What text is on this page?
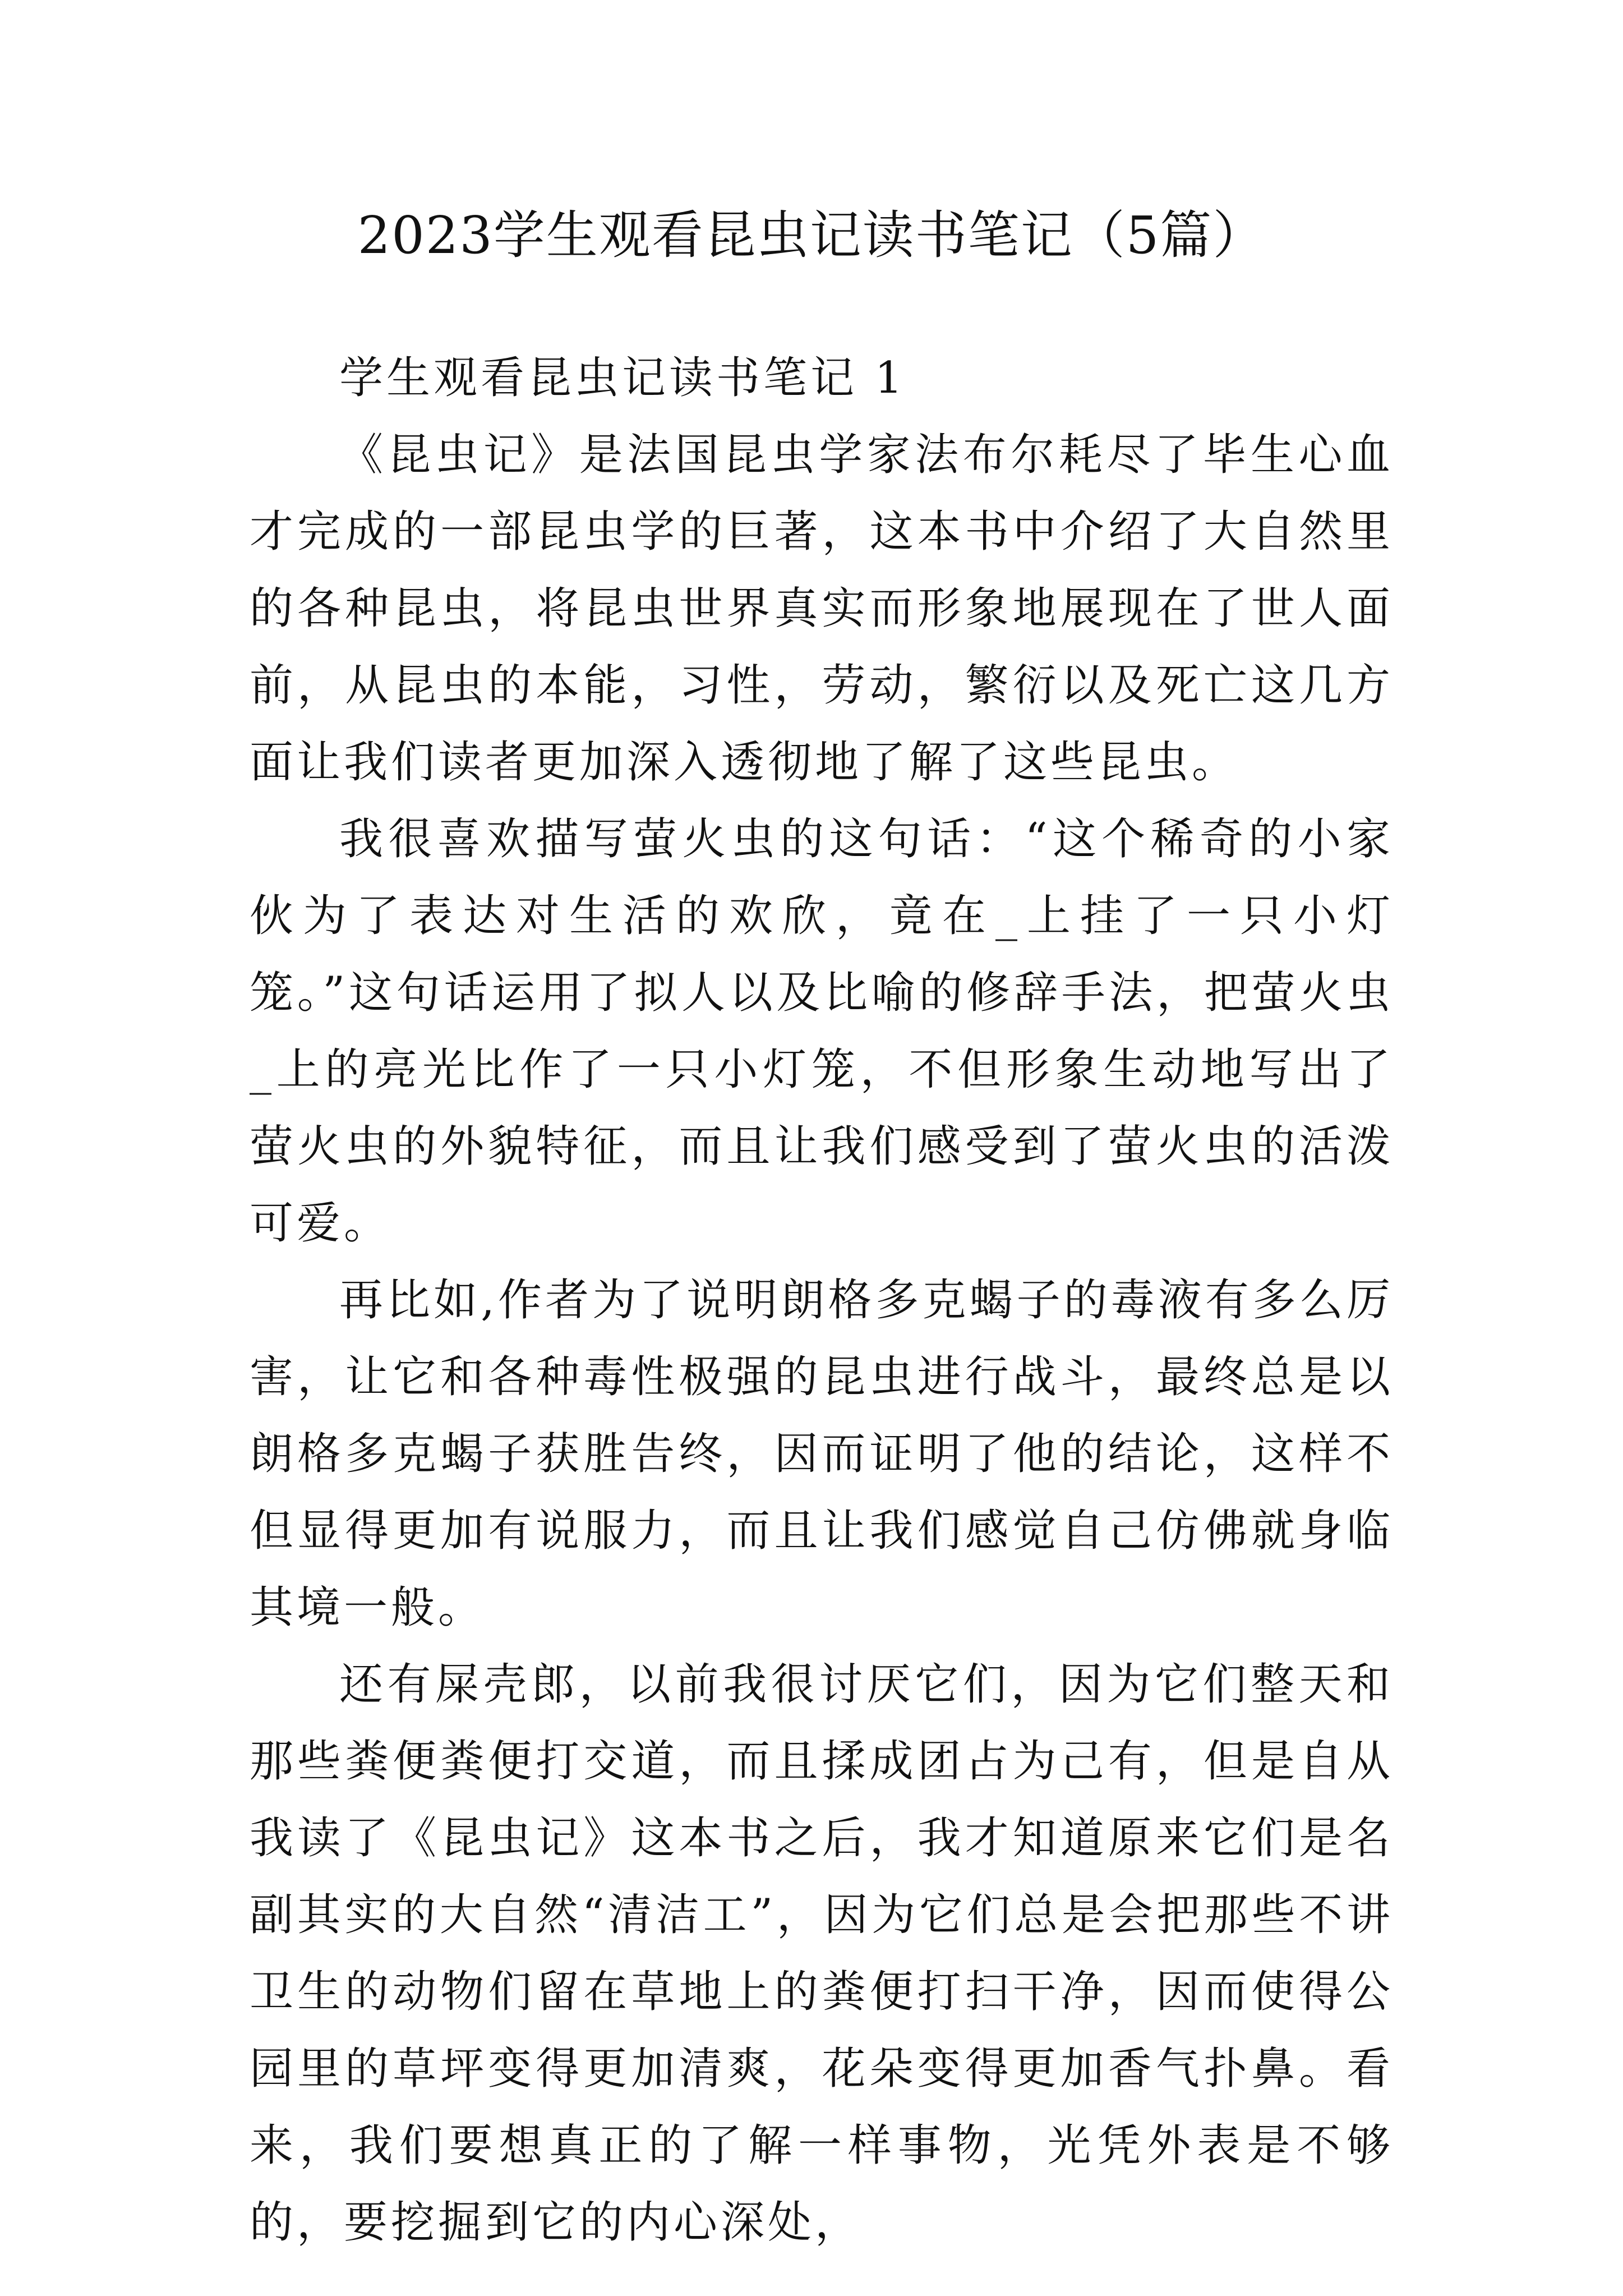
2023学生观看昆虫记读书笔记（5篇）

学生观看昆虫记读书笔记 1

《昆虫记》是法国昆虫学家法布尔耗尽了毕生心血才完成的一部昆虫学的巨著，这本书中介绍了大自然里的各种昆虫，将昆虫世界真实而形象地展现在了世人面前，从昆虫的本能，习性，劳动，繁衍以及死亡这几方面让我们读者更加深入透彻地了解了这些昆虫。

我很喜欢描写萤火虫的这句话：“这个稀奇的小家伙为了表达对生活的欢欣，竟在_上挂了一只小灯笼。”这句话运用了拟人以及比喻的修辞手法，把萤火虫_上的亮光比作了一只小灯笼，不但形象生动地写出了萤火虫的外貌特征，而且让我们感受到了萤火虫的活泼可爱。

再比如,作者为了说明朗格多克蝎子的毒液有多么厉害，让它和各种毒性极强的昆虫进行战斗，最终总是以朗格多克蝎子获胜告终，因而证明了他的结论，这样不但显得更加有说服力，而且让我们感觉自己仿佛就身临其境一般。

还有屎壳郎，以前我很讨厌它们，因为它们整天和那些粪便粪便打交道，而且揉成团占为己有，但是自从我读了《昆虫记》这本书之后，我才知道原来它们是名副其实的大自然“清洁工”，因为它们总是会把那些不讲卫生的动物们留在草地上的粪便打扫干净，因而使得公园里的草坪变得更加清爽，花朵变得更加香气扑鼻。看来，我们要想真正的了解一样事物，光凭外表是不够的，要挖掘到它的内心深处，
